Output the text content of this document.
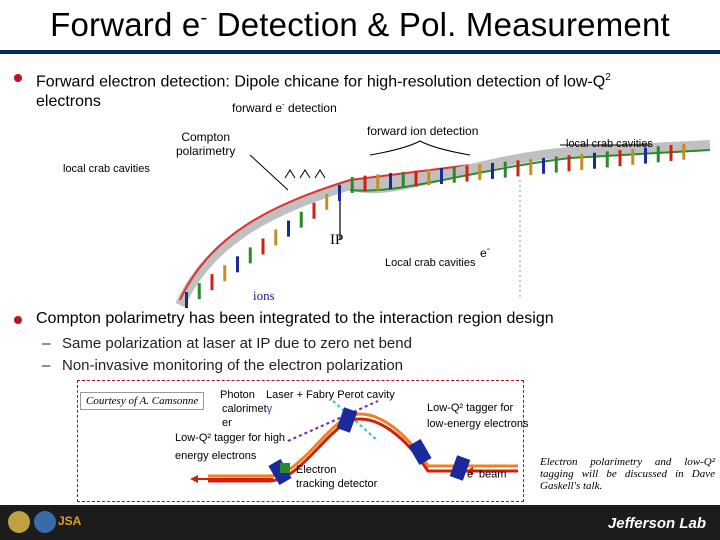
Forward e- Detection & Pol. Measurement
Forward electron detection: Dipole chicane for high-resolution detection of low-$Q^2$
electrons	forward e- detection
Compton
polarimetry
forward ion detection
local crab cavities
local crab cavities
IP
e-
Local crab cavities
ions
Compton polarimetry has been integrated to the interaction region design
– Same polarization at laser at IP due to zero net bend
– Non-invasive monitoring of the electron polarization
Courtesy of A. Camsonne	Photon
calorimetγ
er
Laser + Fabry Perot cavity
Low-Q² tagger for high
energy electrons
Low-Q² tagger for
low-energy electrons
Electron
tracking detector
e- beam
Electron polarimetry and low-Q² tagging will be discussed in Dave Gaskell's talk.
JSA	Jefferson Lab
